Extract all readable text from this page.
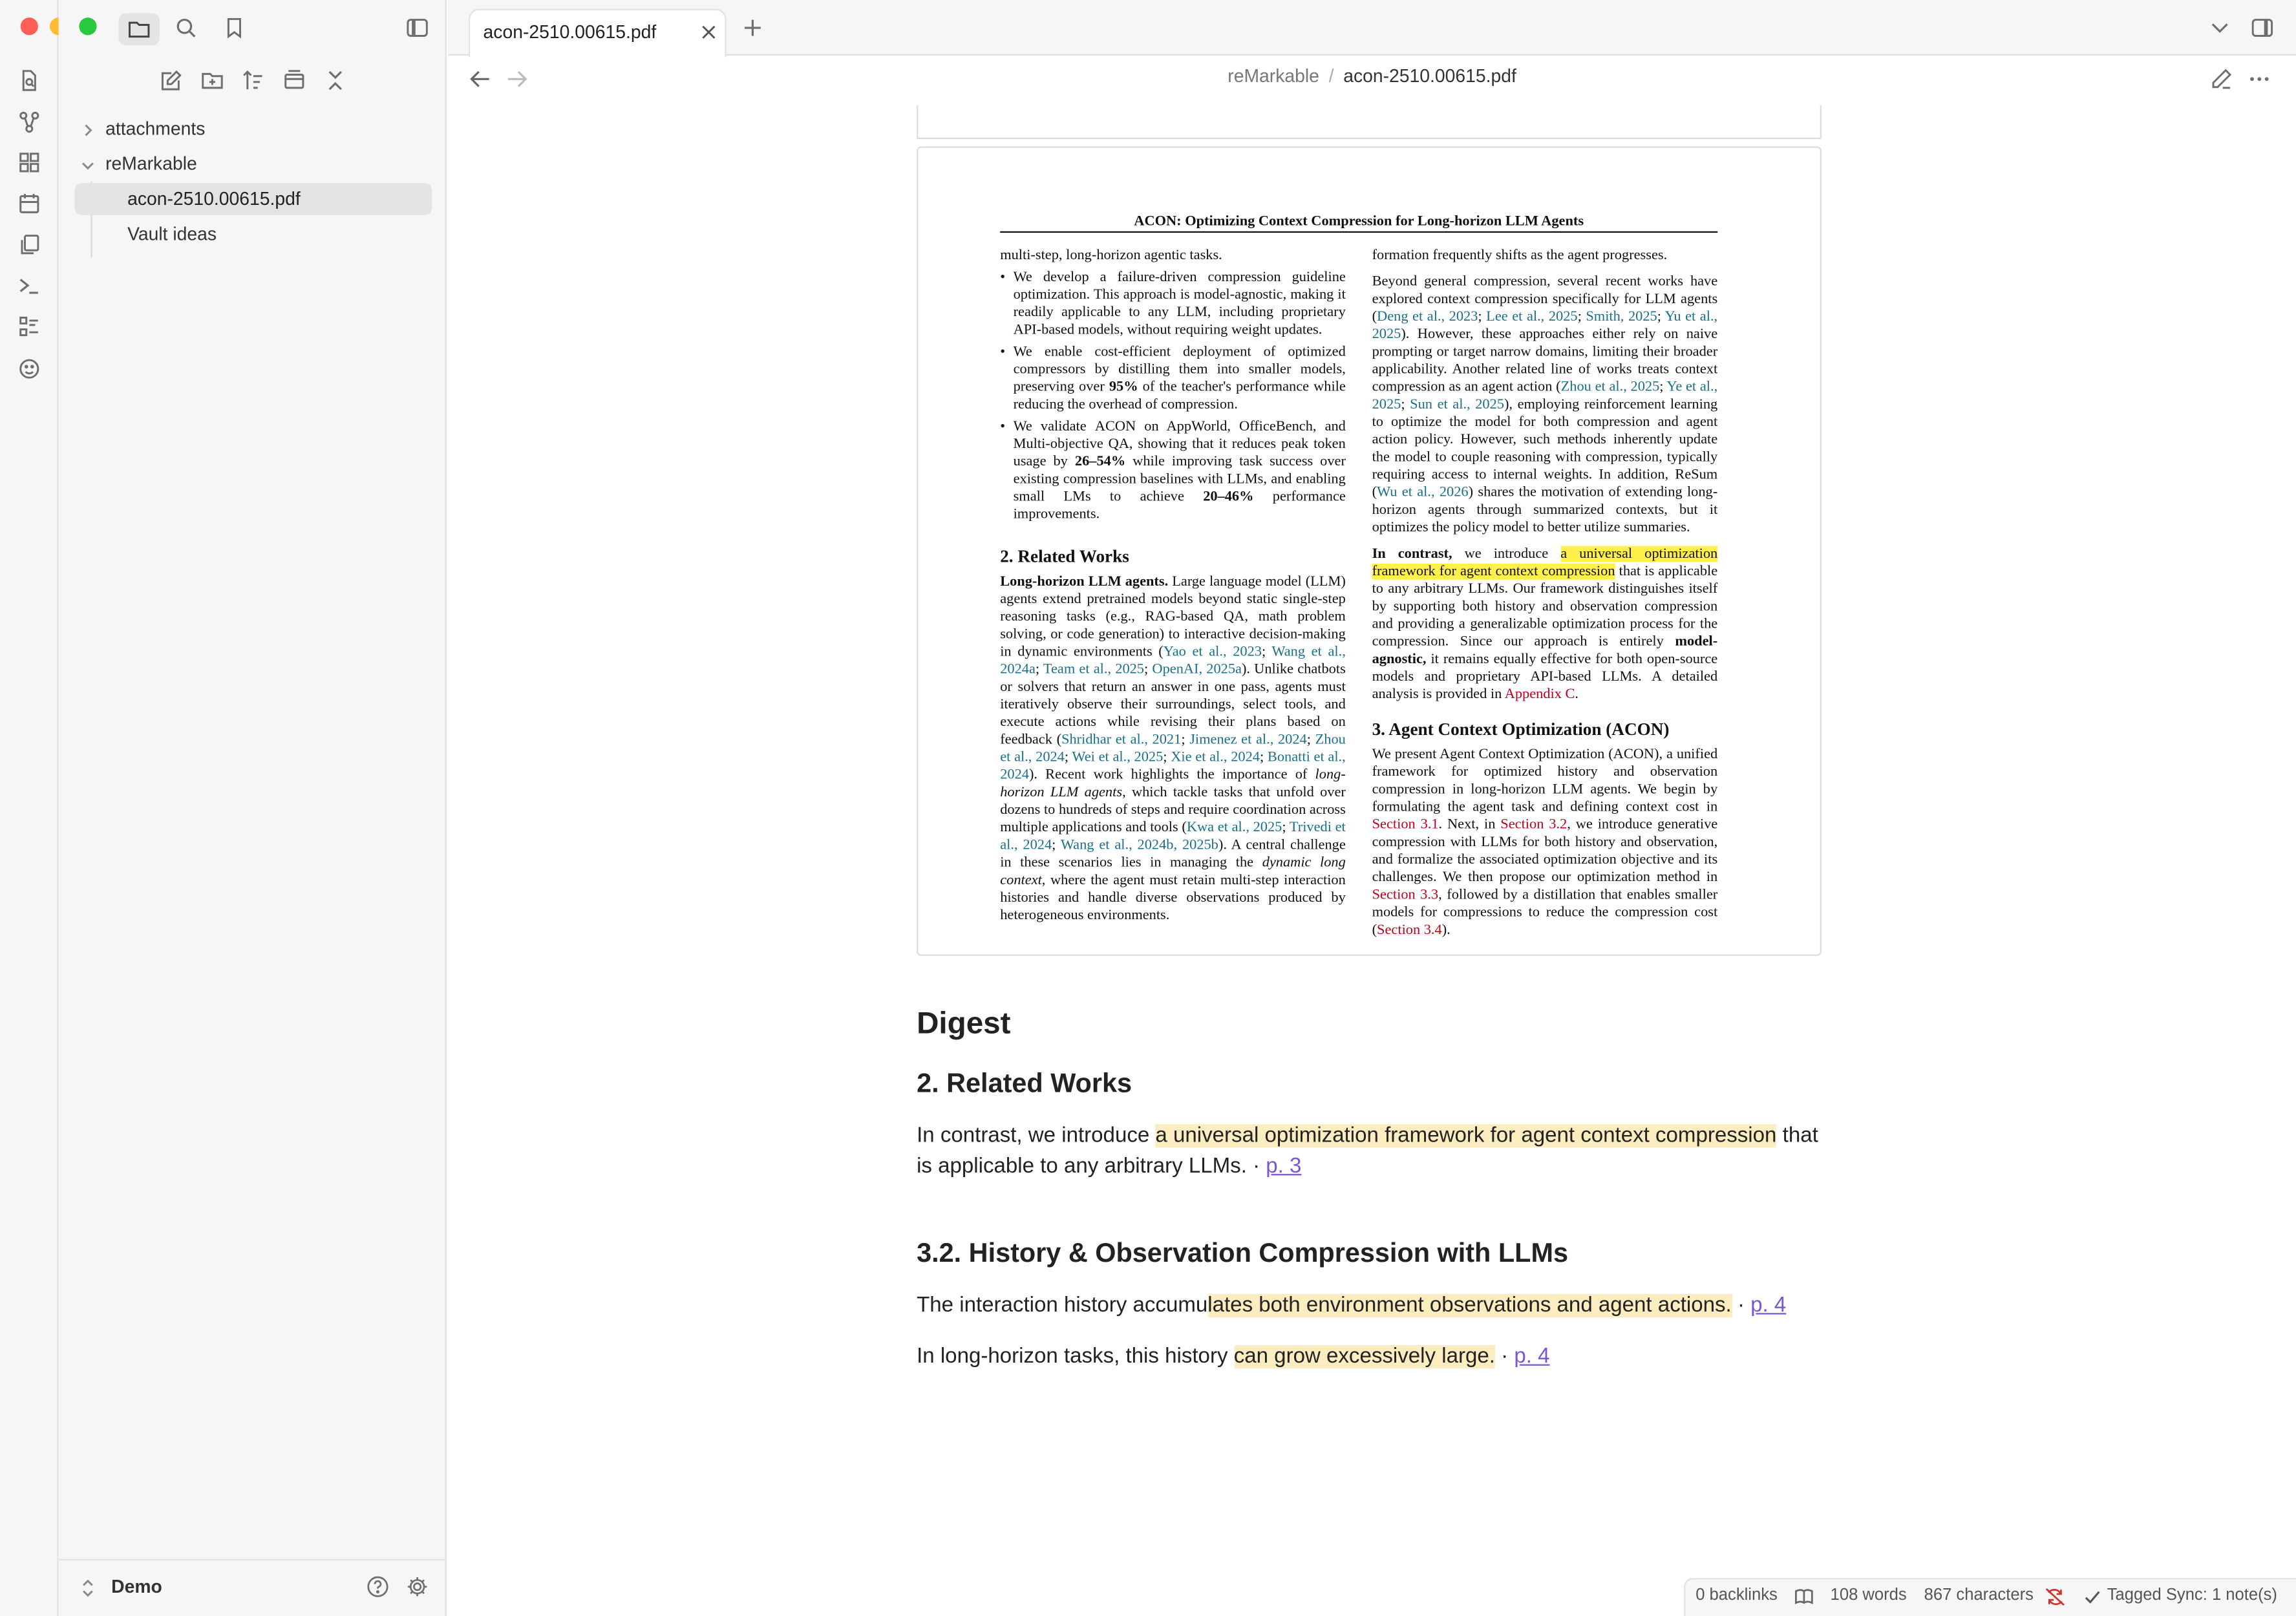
attachments
reMarkable
acon-2510.00615.pdf
Vault ideas
Demo
acon-2510.00615.pdf
reMarkable / acon-2510.00615.pdf
ACON: Optimizing Context Compression for Long-horizon LLM Agents

multi-step, long-horizon agentic tasks.

• We develop a failure-driven compression guideline optimization. This approach is model-agnostic, making it readily applicable to any LLM, including proprietary API-based models, without requiring weight updates.
• We enable cost-efficient deployment of optimized compressors by distilling them into smaller models, preserving over 95% of the teacher's performance while reducing the overhead of compression.
• We validate ACON on AppWorld, OfficeBench, and Multi-objective QA, showing that it reduces peak token usage by 26–54% while improving task success over existing compression baselines with LLMs, and enabling small LMs to achieve	20–46%	performance improvements.
2. Related Works

Long-horizon LLM agents. Large language model (LLM) agents extend pretrained models beyond static single-step reasoning tasks (e.g., RAG-based QA, math problem solving, or code generation) to interactive decision-making in dynamic environments (Yao et al., 2023; Wang et al., 2024a; Team et al., 2025; OpenAI, 2025a). Unlike chatbots or solvers that return an answer in one pass, agents must iteratively observe their surroundings, select tools, and execute actions while revising their plans based on feedback (Shridhar et al., 2021; Jimenez et al., 2024; Zhou et al., 2024; Wei et al., 2025; Xie et al., 2024; Bonatti et al., 2024). Recent work highlights the importance of long-horizon LLM agents, which tackle tasks that unfold over dozens to hundreds of steps and require coordination across multiple applications and tools (Kwa et al., 2025; Trivedi et al., 2024; Wang et al., 2024b, 2025b). A central challenge in these scenarios lies in managing the dynamic long context, where the agent must retain multi-step interaction histories and handle diverse observations produced by heterogeneous environments.

formation frequently shifts as the agent progresses.

Beyond general compression, several recent works have explored context compression specifically for LLM agents (Deng et al., 2023; Lee et al., 2025; Smith, 2025; Yu et al., 2025). However, these approaches either rely on naive prompting or target narrow domains, limiting their broader applicability. Another related line of works treats context compression as an agent action (Zhou et al., 2025; Ye et al., 2025; Sun et al., 2025), employing reinforcement learning to optimize the model for both compression and agent action policy. However, such methods inherently update the model to couple reasoning with compression, typically requiring access to internal weights. In addition, ReSum (Wu et al., 2026) shares the motivation of extending long-horizon agents through summarized contexts, but it optimizes the policy model to better utilize summaries.

In contrast, we introduce a universal optimization framework for agent context compression that is applicable to any arbitrary LLMs. Our framework distinguishes itself by supporting both history and observation compression and providing a generalizable optimization process for the compression. Since our approach is entirely model-agnostic, it remains equally effective for both open-source models and proprietary API-based LLMs. A detailed analysis is provided in Appendix C.

3. Agent Context Optimization (ACON)

We present Agent Context Optimization (ACON), a unified framework for optimized history and observation compression in long-horizon LLM agents. We begin by formulating the agent task and defining context cost in Section 3.1. Next, in Section 3.2, we introduce generative compression with LLMs for both history and observation, and formalize the associated optimization objective and its challenges. We then propose our optimization method in Section 3.3, followed by a distillation that enables smaller models for compressions to reduce the compression cost (Section 3.4).

Digest
2. Related Works
In contrast, we introduce a universal optimization framework for agent context compression that is applicable to any arbitrary LLMs. · p. 3
3.2. History & Observation Compression with LLMs
The interaction history accumulates both environment observations and agent actions. · p. 4
In long-horizon tasks, this history can grow excessively large. · p. 4
0 backlinks	108 words 867 characters	Tagged Sync: 1 note(s)
